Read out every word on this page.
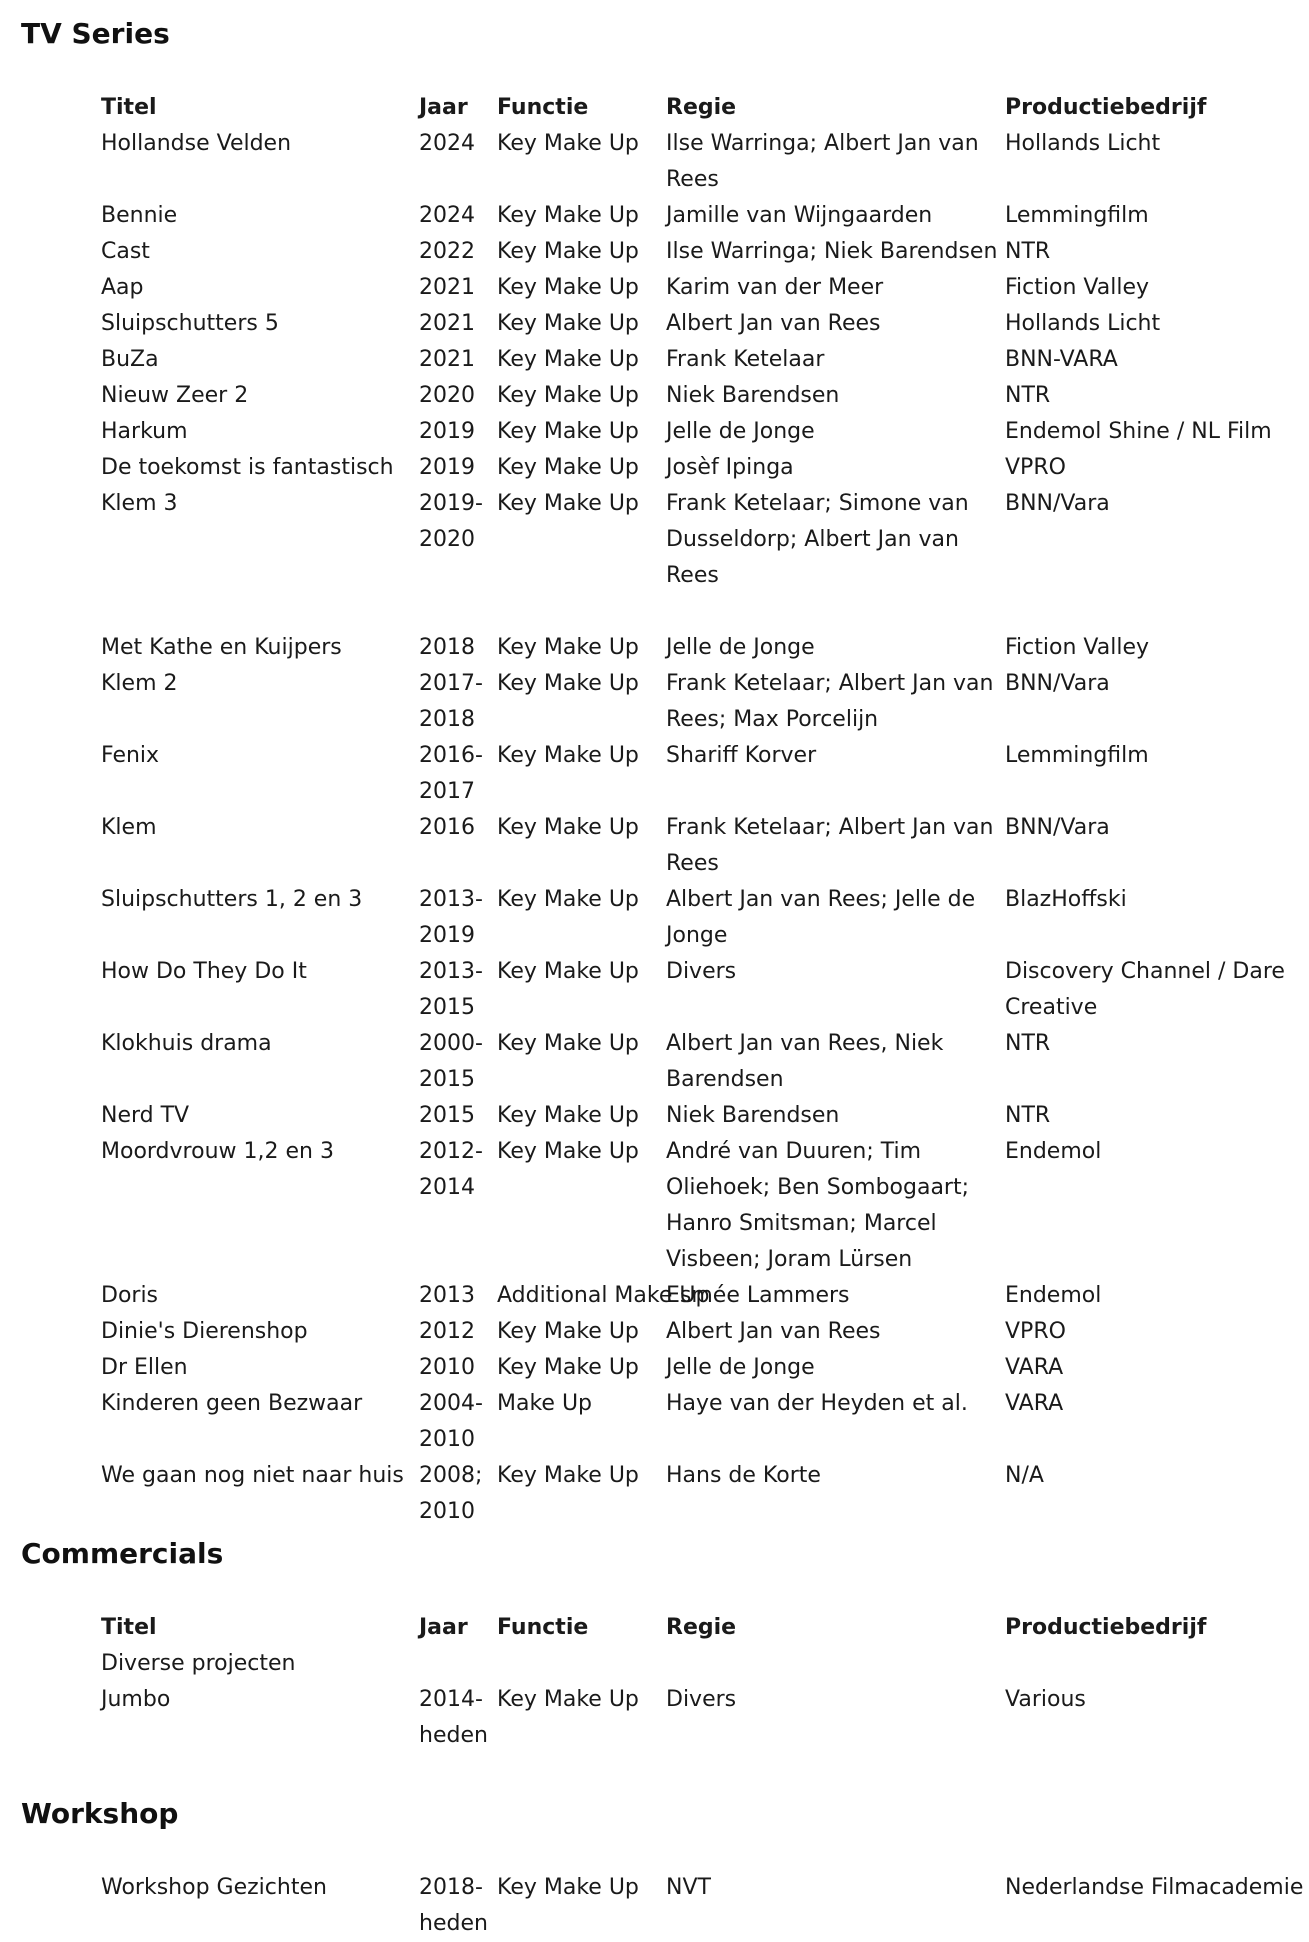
TV Series
Titel	Jaar	Functie	Regie	Productiebedrijf
Hollandse Velden	2024	Key Make Up	Ilse Warringa; Albert Jan van Rees	Hollands Licht
Bennie	2024	Key Make Up	Jamille van Wijngaarden	Lemmingfilm
Cast	2022	Key Make Up	Ilse Warringa; Niek Barendsen	NTR
Aap	2021	Key Make Up	Karim van der Meer	Fiction Valley
Sluipschutters 5	2021	Key Make Up	Albert Jan van Rees	Hollands Licht
BuZa	2021	Key Make Up	Frank Ketelaar	BNN-VARA
Nieuw Zeer 2	2020	Key Make Up	Niek Barendsen	NTR
Harkum	2019	Key Make Up	Jelle de Jonge	Endemol Shine / NL Film
De toekomst is fantastisch	2019	Key Make Up	Josèf Ipinga	VPRO
Klem 3	2019-2020	Key Make Up	Frank Ketelaar; Simone van Dusseldorp; Albert Jan van Rees	BNN/Vara

Met Kathe en Kuijpers	2018	Key Make Up	Jelle de Jonge	Fiction Valley
Klem 2	2017-2018	Key Make Up	Frank Ketelaar; Albert Jan van Rees; Max Porcelijn	BNN/Vara
Fenix	2016-2017	Key Make Up	Shariff Korver	Lemmingfilm
Klem	2016	Key Make Up	Frank Ketelaar; Albert Jan van Rees	BNN/Vara
Sluipschutters 1, 2 en 3	2013-2019	Key Make Up	Albert Jan van Rees; Jelle de Jonge	BlazHoffski
How Do They Do It	2013-2015	Key Make Up	Divers	Discovery Channel / Dare Creative
Klokhuis drama	2000-2015	Key Make Up	Albert Jan van Rees, Niek Barendsen	NTR
Nerd TV	2015	Key Make Up	Niek Barendsen	NTR
Moordvrouw 1,2 en 3	2012-2014	Key Make Up	André van Duuren; Tim Oliehoek; Ben Sombogaart; Hanro Smitsman; Marcel Visbeen; Joram Lürsen	Endemol
Doris	2013	Additional Make Up	Esmée Lammers	Endemol
Dinie's Dierenshop	2012	Key Make Up	Albert Jan van Rees	VPRO
Dr Ellen	2010	Key Make Up	Jelle de Jonge	VARA
Kinderen geen Bezwaar	2004-2010	Make Up	Haye van der Heyden et al.	VARA
We gaan nog niet naar huis	2008; 2010	Key Make Up	Hans de Korte	N/A
Commercials
Titel	Jaar	Functie	Regie	Productiebedrijf
Diverse projecten				
Jumbo	2014-heden	Key Make Up	Divers	Various
Workshop
Workshop Gezichten	2018-heden	Key Make Up	NVT	Nederlandse Filmacademie
